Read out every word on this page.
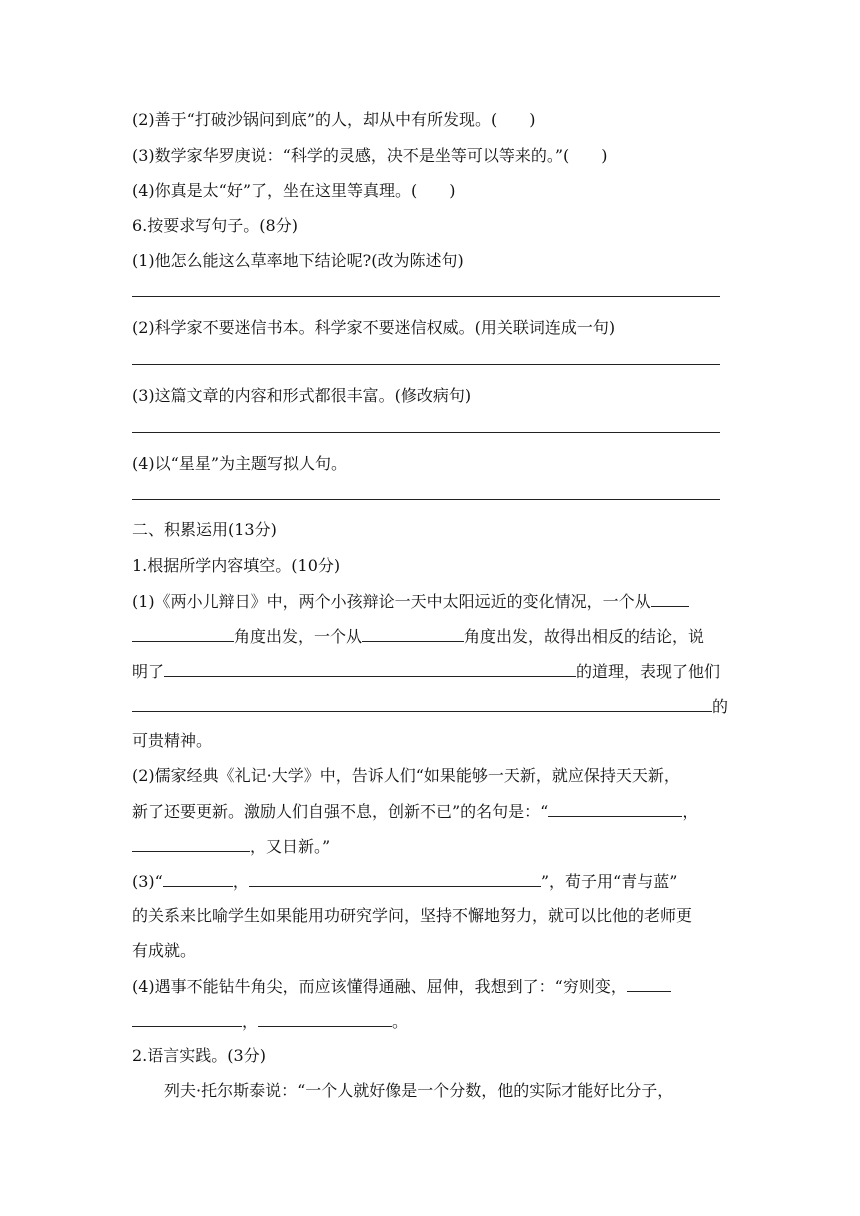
(2)善于“打破沙锅问到底”的人，却从中有所发现。(　　)

(3)数学家华罗庚说：“科学的灵感，决不是坐等可以等来的。”(　　)

(4)你真是太“好”了，坐在这里等真理。(　　)

6.按要求写句子。(8分)

(1)他怎么能这么草率地下结论呢?(改为陈述句)

(2)科学家不要迷信书本。科学家不要迷信权威。(用关联词连成一句)

(3)这篇文章的内容和形式都很丰富。(修改病句)

(4)以“星星”为主题写拟人句。

二、积累运用(13分)

1.根据所学内容填空。(10分)

(1)《两小儿辩日》中，两个小孩辩论一天中太阳远近的变化情况，一个从

角度出发，一个从	角度出发，故得出相反的结论，说

明了	的道理，表现了他们

的

可贵精神。

(2)儒家经典《礼记·大学》中，告诉人们“如果能够一天新，就应保持天天新，

新了还要更新。激励人们自强不息，创新不已”的名句是：“	，

，又日新。”

(3)“	，	”，荀子用“青与蓝”

的关系来比喻学生如果能用功研究学问，坚持不懈地努力，就可以比他的老师更

有成就。

(4)遇事不能钻牛角尖，而应该懂得通融、屈伸，我想到了：“穷则变，

，	。

2.语言实践。(3分)

列夫·托尔斯泰说：“一个人就好像是一个分数，他的实际才能好比分子，
